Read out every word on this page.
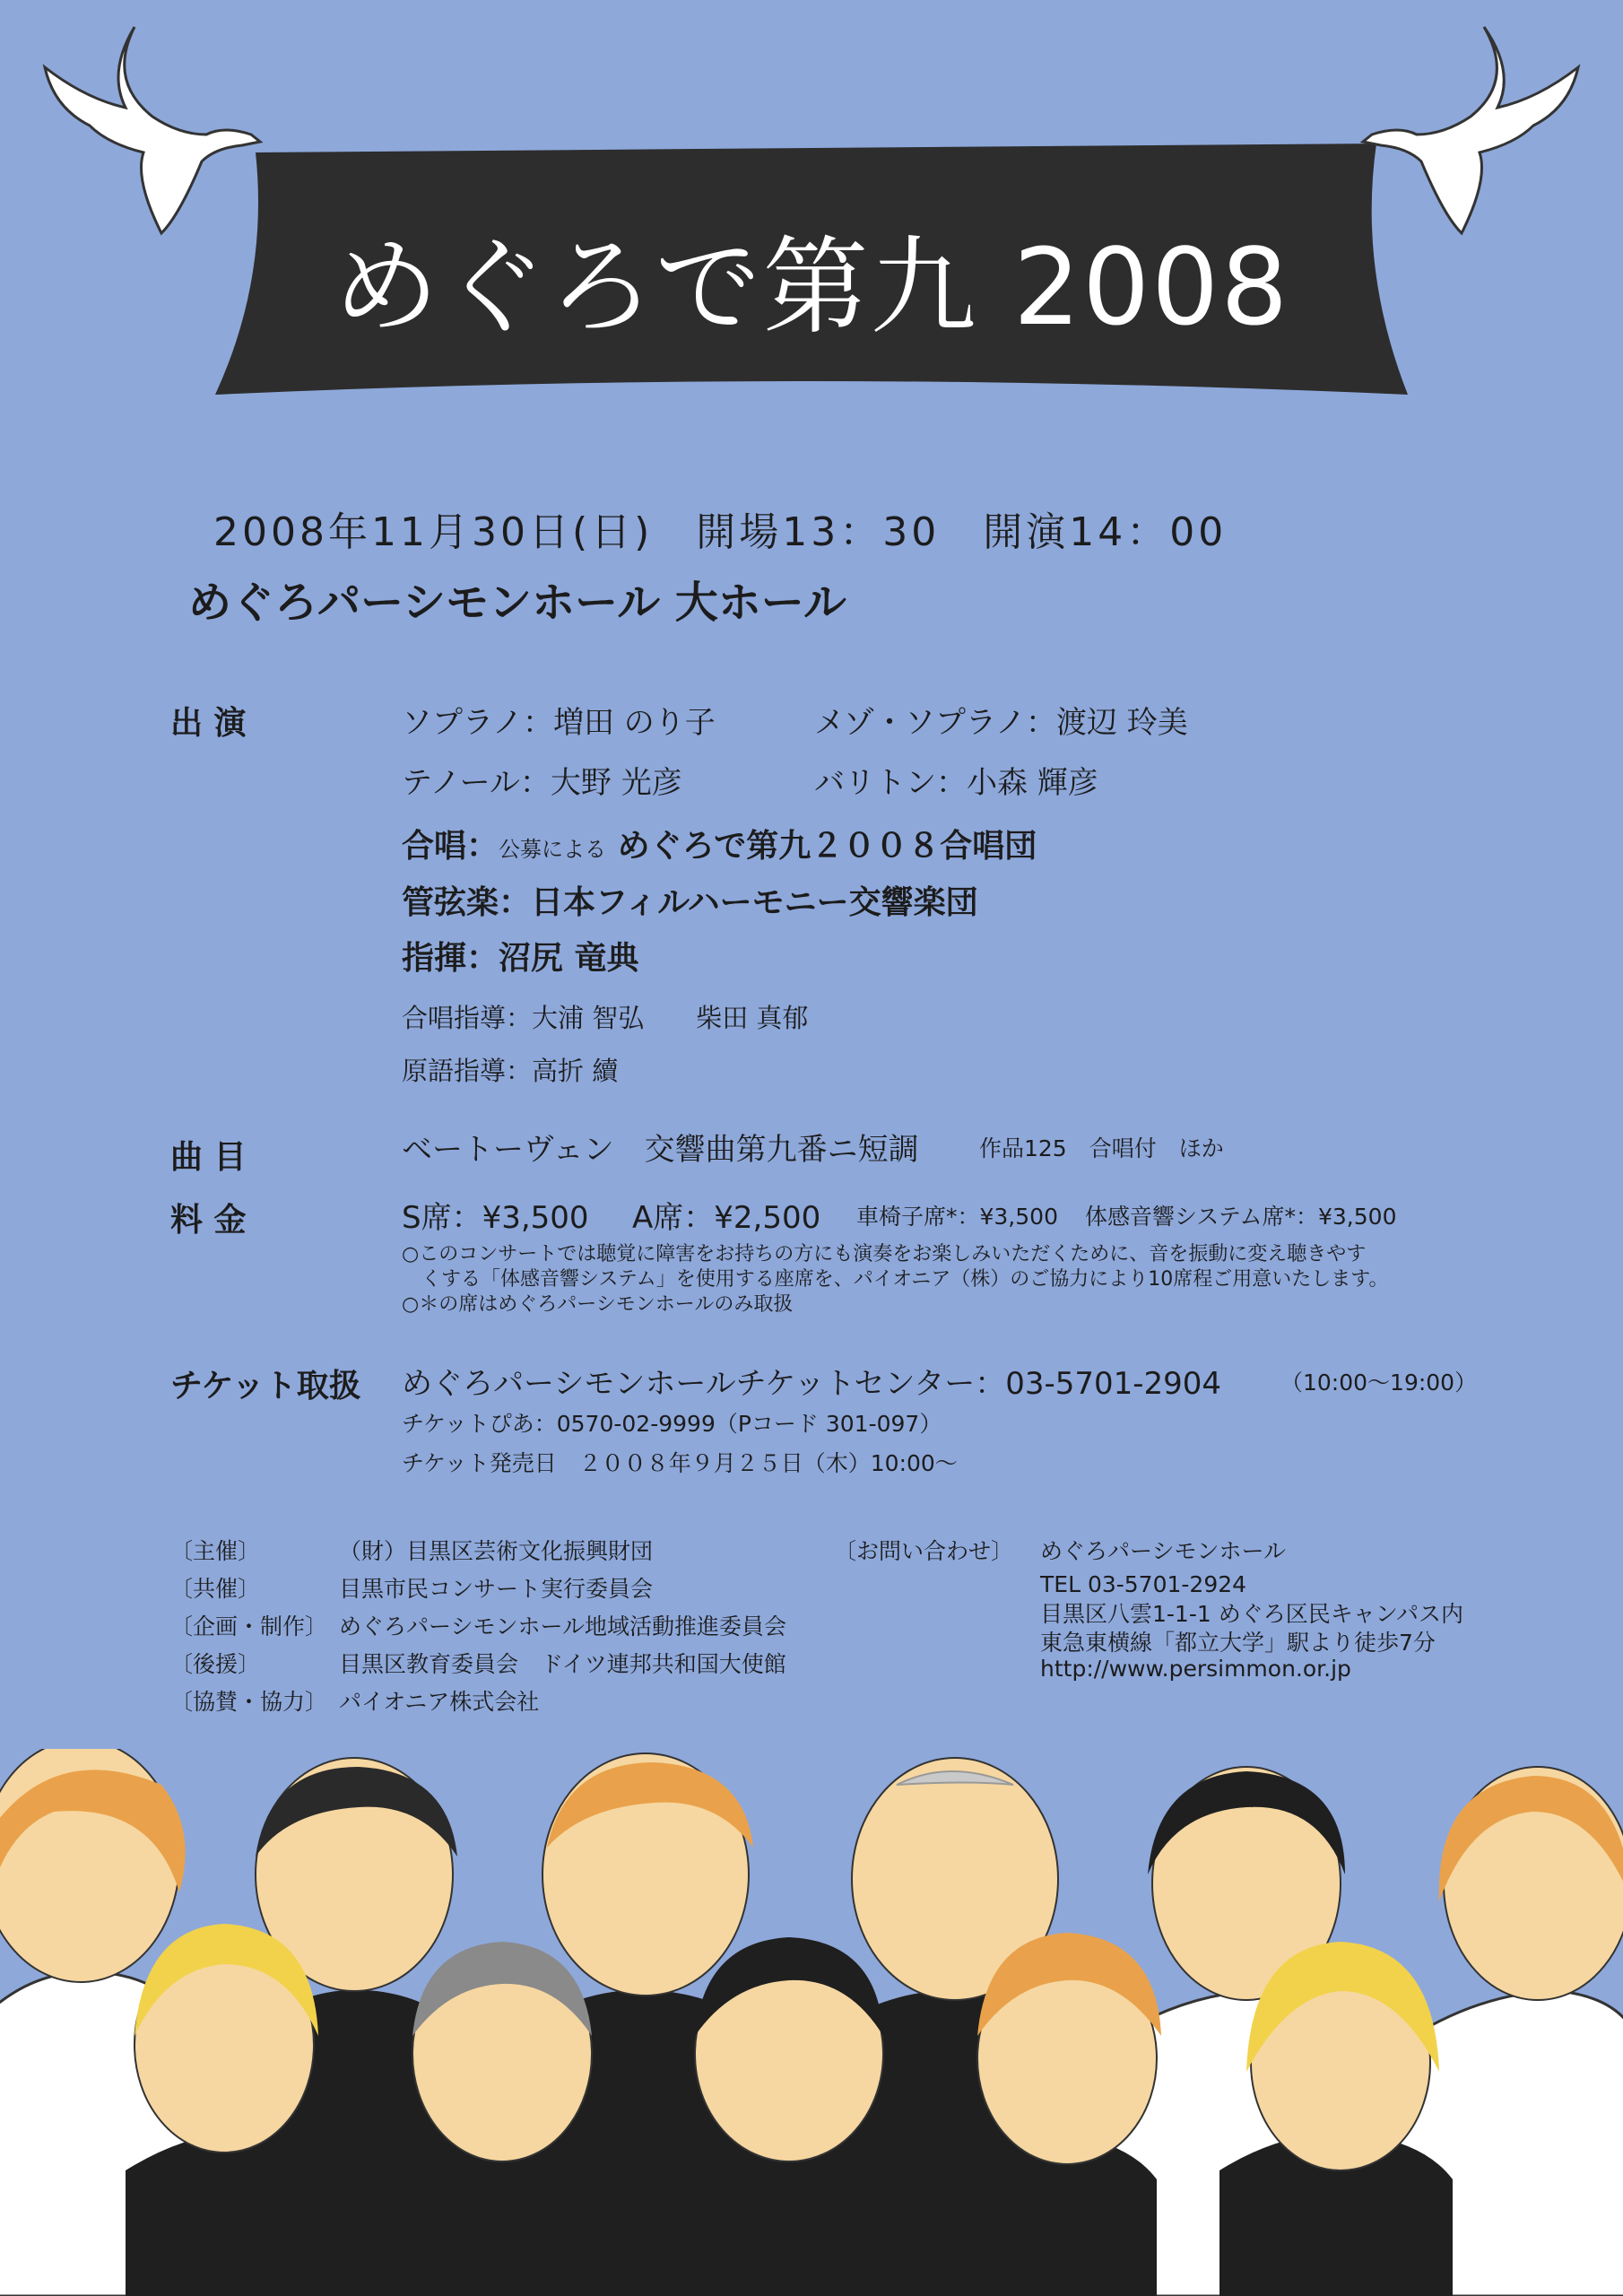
めぐろで第九 2008
2008年11月30日(日)　開場13：30　開演14：00
めぐろパーシモンホール 大ホール
出 演	ソプラノ：増田 のり子	メゾ・ソプラノ：渡辺 玲美
テノール：大野 光彦	バリトン：小森 輝彦
合唱：公募による めぐろで第九２００８合唱団
管弦楽：日本フィルハーモニー交響楽団
指揮：沼尻 竜典
合唱指導：大浦 智弘　　柴田 真郁
原語指導：高折 續
曲 目	ベートーヴェン　交響曲第九番ニ短調	作品125　合唱付　ほか
料 金	S席：¥3,500 A席：¥2,500 車椅子席*：¥3,500 体感音響システム席*：¥3,500
○このコンサートでは聴覚に障害をお持ちの方にも演奏をお楽しみいただくために、音を振動に変え聴きやす
　くする「体感音響システム」を使用する座席を、パイオニア（株）のご協力により10席程ご用意いたします。
○＊の席はめぐろパーシモンホールのみ取扱
チケット取扱 めぐろパーシモンホールチケットセンター：03-5701-2904	（10:00〜19:00）
チケットぴあ：0570-02-9999（Pコード 301-097）
チケット発売日　２００８年９月２５日（木）10:00〜
〔主催〕	（財）目黒区芸術文化振興財団
〔共催〕	目黒市民コンサート実行委員会
〔企画・制作〕 めぐろパーシモンホール地域活動推進委員会
〔後援〕	目黒区教育委員会　ドイツ連邦共和国大使館
〔協賛・協力〕 パイオニア株式会社
〔お問い合わせ〕 めぐろパーシモンホール
TEL 03-5701-2924
目黒区八雲1-1-1 めぐろ区民キャンパス内
東急東横線「都立大学」駅より徒歩7分
http://www.persimmon.or.jp
